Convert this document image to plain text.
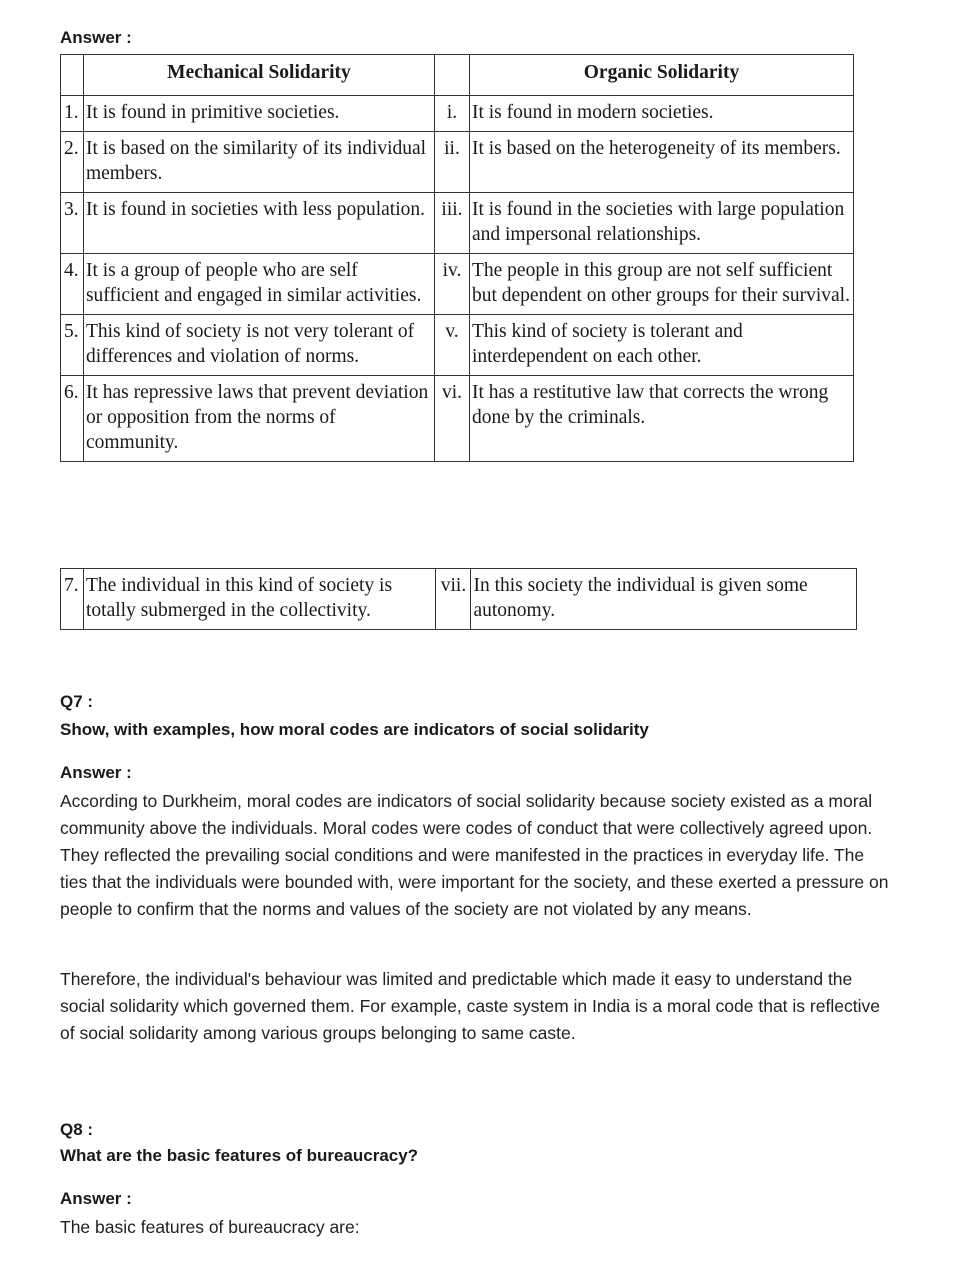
Answer :
	Mechanical Solidarity		Organic Solidarity
1.	It is found in primitive societies.	i.	It is found in modern societies.
2.	It is based on the similarity of its individual members.	ii.	It is based on the heterogeneity of its members.
3.	It is found in societies with less population.	iii.	It is found in the societies with large population and impersonal relationships.
4.	It is a group of people who are self sufficient and engaged in similar activities.	iv.	The people in this group are not self sufficient but dependent on other groups for their survival.
5.	This kind of society is not very tolerant of differences and violation of norms.	v.	This kind of society is tolerant and interdependent on each other.
6.	It has repressive laws that prevent deviation or opposition from the norms of community.	vi.	It has a restitutive law that corrects the wrong done by the criminals.
7.	The individual in this kind of society is totally submerged in the collectivity.	vii.	In this society the individual is given some autonomy.
Q7 :
Show, with examples, how moral codes are indicators of social solidarity
Answer :
According to Durkheim, moral codes are indicators of social solidarity because society existed as a moral community above the individuals. Moral codes were codes of conduct that were collectively agreed upon. They reflected the prevailing social conditions and were manifested in the practices in everyday life. The ties that the individuals were bounded with, were important for the society, and these exerted a pressure on people to confirm that the norms and values of the society are not violated by any means.
Therefore, the individual's behaviour was limited and predictable which made it easy to understand the social solidarity which governed them. For example, caste system in India is a moral code that is reflective of social solidarity among various groups belonging to same caste.
Q8 :
What are the basic features of bureaucracy?
Answer :
The basic features of bureaucracy are:
